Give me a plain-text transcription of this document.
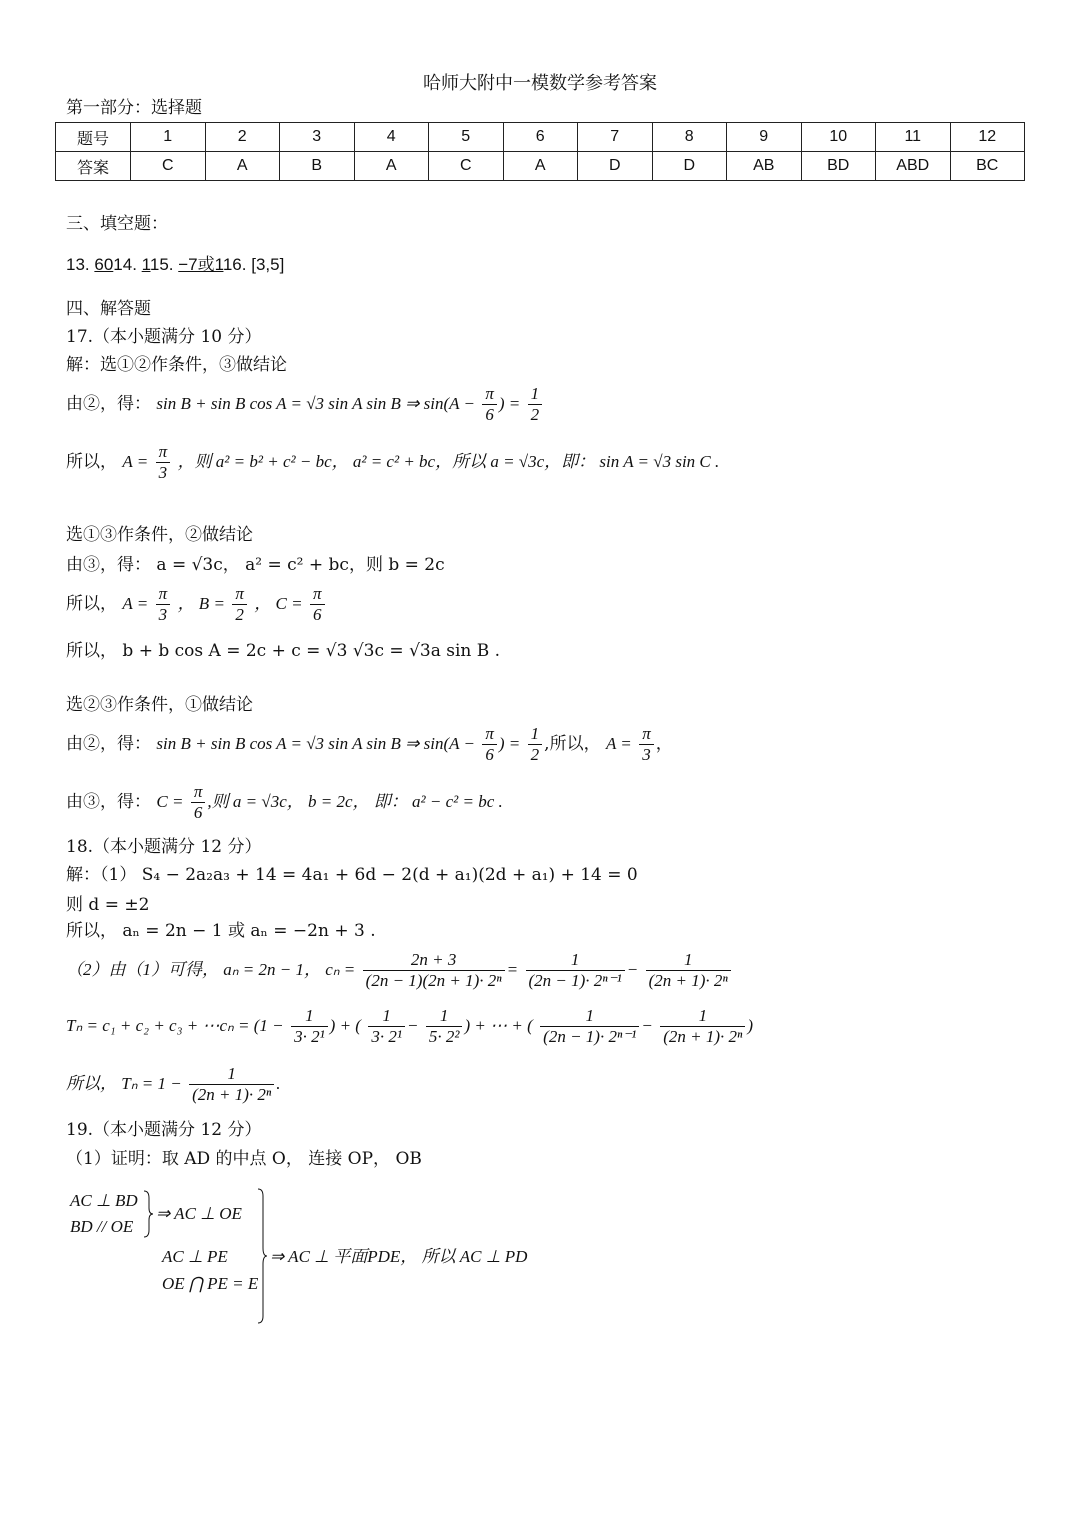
哈师大附中一模数学参考答案
第一部分：选择题
题号	1	2	3	4	5	6	7	8	9	10	11	12
答案	C	A	B	A	C	A	D	D	AB	BD	ABD	BC
三、填空题：
13. 6014. 115. −7或116. [3,5]
四、解答题
17.（本小题满分 10 分）
解：选①②作条件，③做结论
由②，得： sin B + sin B cos A = √3 sin A sin B ⇒ $\sin(A - \frac{\pi}{6}$ ) = $\frac{1}{2}$
所以， $A = \frac{\pi}{3}$ ，则 a² = b² + c² − bc， a² = c² + bc，所以 a = √3c，即： sin A = √3 sin C .
选①③作条件，②做结论
由③，得： a = √3c， a² = c² + bc，则 b = 2c
所以， $A = \frac{\pi}{3}$ ， $B = \frac{\pi}{2}$ ， $C = \frac{\pi}{6}$
所以， b + b cos A = 2c + c = √3 √3c = √3a sin B .
选②③作条件，①做结论
由②，得： sin B + sin B cos A = √3 sin A sin B ⇒ $\sin(A - \frac{\pi}{6}$ ) = $\frac{1}{2}$ ,所以， $A = \frac{\pi}{3}$ ，
由③，得： $C = \frac{\pi}{6}$ ,则 a = √3c， b = 2c， 即： a² − c² = bc .
18.（本小题满分 12 分）
解：（1） S₄ − 2a₂a₃ + 14 = 4a₁ + 6d − 2(d + a₁)(2d + a₁) + 14 = 0
则 d = ±2
所以， aₙ = 2n − 1 或 aₙ = −2n + 3 .
（2）由（1）可得， aₙ = 2n − 1， $c_n = \frac{2n + 3}{\text{(2n − 1)(2n + 1)· 2ⁿ}} = \frac{1}{\text{(2n − 1)· 2ⁿ⁻¹}} - \frac{1}{\text{(2n + 1)· 2ⁿ}}$
Tₙ = c₁ + c₂ + c₃ + ⋯cₙ = ($1 - \frac{1}{\text{3· 2¹}}$ ) + ( $\frac{1}{\text{3· 2¹}} - \frac{1}{\text{5· 2²}}$ ) + ⋯ + ( $\frac{1}{\text{(2n − 1)· 2ⁿ⁻¹}} - \frac{1}{\text{(2n + 1)· 2ⁿ}}$ )
所以， $T_n = 1 - \frac{1}{\text{(2n + 1)· 2ⁿ}}$ .
19.（本小题满分 12 分）
（1）证明：取 AD 的中点 O， 连接 OP， OB
AC ⊥ BD
BD // OE
⇒ AC ⊥ OE
AC ⊥ PE
OE ⋂ PE = E
⇒ AC ⊥ 平面PDE， 所以 AC ⊥ PD
